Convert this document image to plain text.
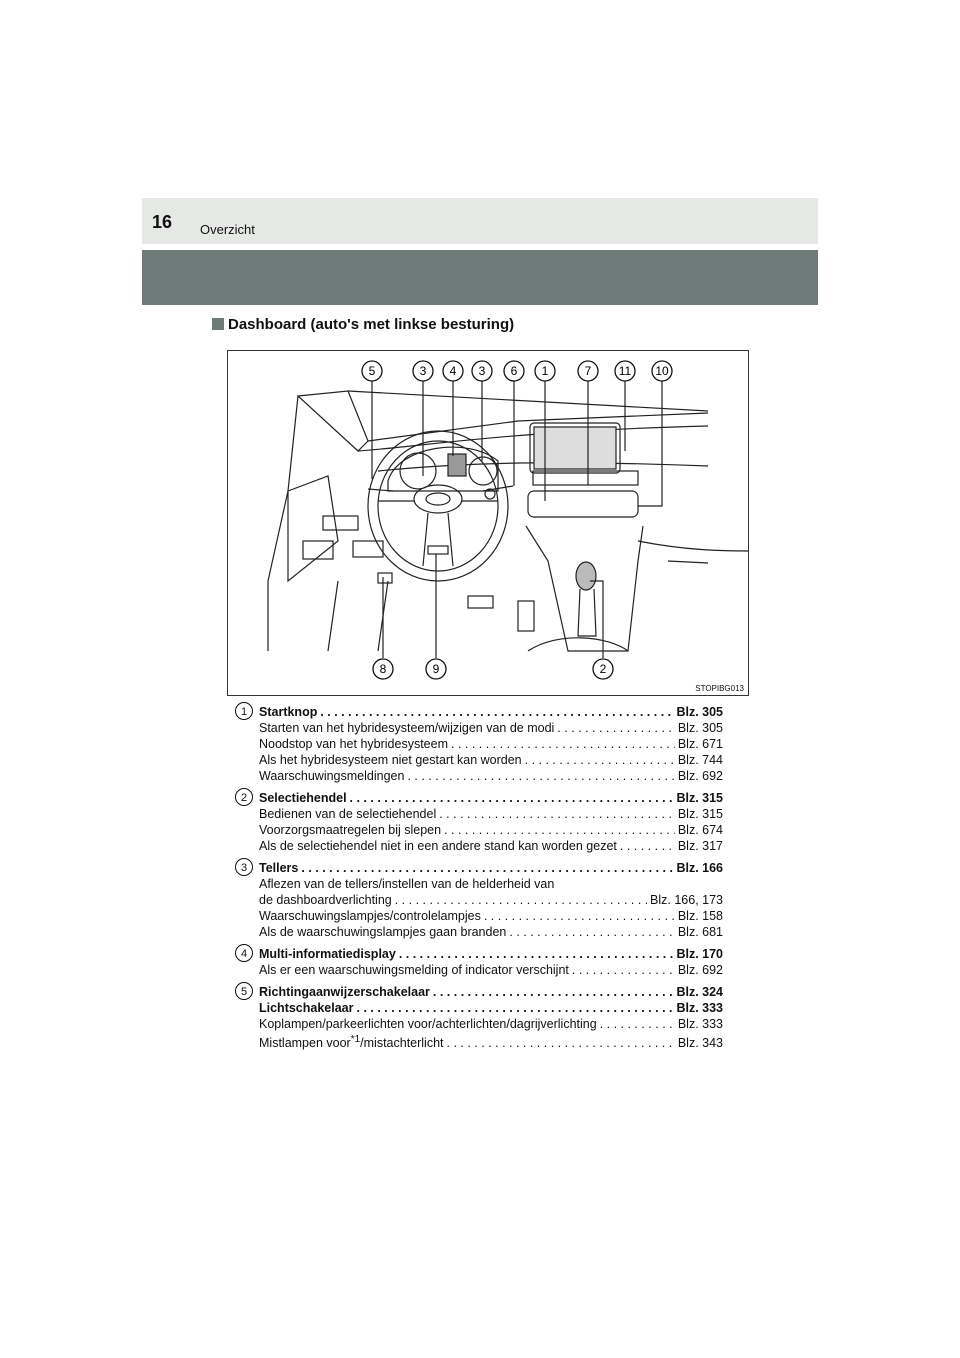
16 Overzicht
Dashboard (auto's met linkse besturing)
5	3 4 3 6 1	7 11 10
8	9	2
STOPIBG013
1 Startknop . . .	Blz. 305
Starten van het hybridesysteem/wijzigen van de modi . . .	Blz. 305
Noodstop van het hybridesysteem . . .	Blz. 671
Als het hybridesysteem niet gestart kan worden . . .	Blz. 744
Waarschuwingsmeldingen . . .	Blz. 692
2 Selectiehendel . . .	Blz. 315
Bedienen van de selectiehendel . . .	Blz. 315
Voorzorgsmaatregelen bij slepen . . .	Blz. 674
Als de selectiehendel niet in een andere stand kan worden gezet . . .	Blz. 317
3 Tellers . . .	Blz. 166
Aflezen van de tellers/instellen van de helderheid van
de dashboardverlichting . . .	Blz. 166, 173
Waarschuwingslampjes/controlelampjes . . .	Blz. 158
Als de waarschuwingslampjes gaan branden . . .	Blz. 681
4 Multi-informatiedisplay . . .	Blz. 170
Als er een waarschuwingsmelding of indicator verschijnt . . .	Blz. 692
5 Richtingaanwijzerschakelaar . . .	Blz. 324
Lichtschakelaar . . .	Blz. 333
Koplampen/parkeerlichten voor/achterlichten/dagrijverlichting . . .	Blz. 333
Mistlampen voor$^{*1}$/mistachterlicht . . .	Blz. 343
